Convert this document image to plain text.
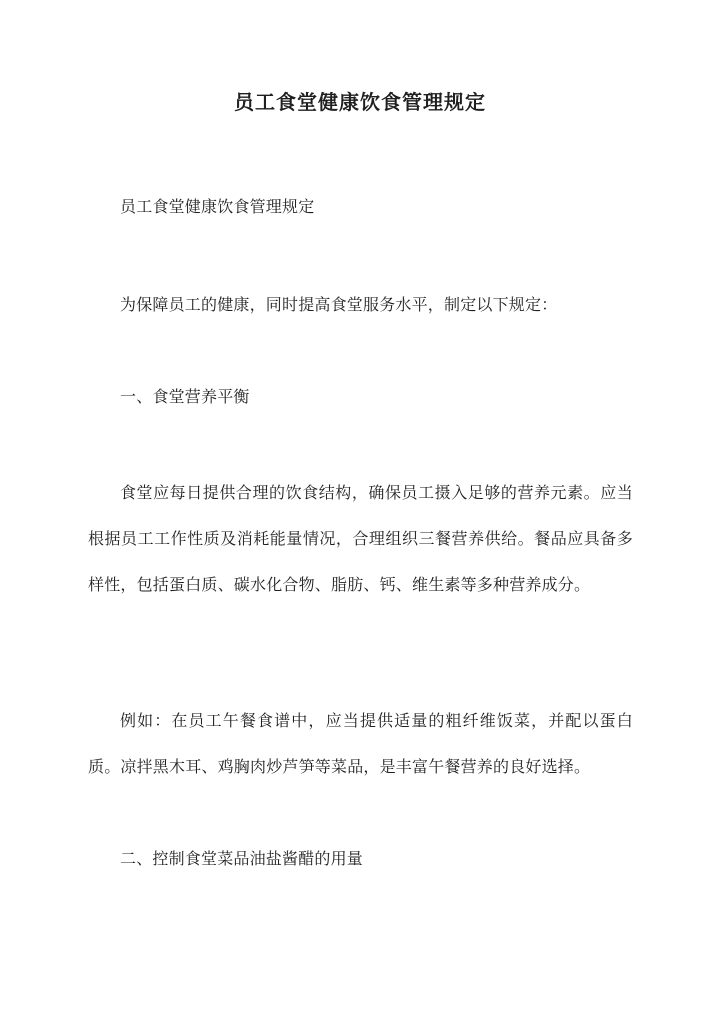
员工食堂健康饮食管理规定

员工食堂健康饮食管理规定

为保障员工的健康，同时提高食堂服务水平，制定以下规定：

一、食堂营养平衡

食堂应每日提供合理的饮食结构，确保员工摄入足够的营养元素。应当根据员工工作性质及消耗能量情况，合理组织三餐营养供给。餐品应具备多样性，包括蛋白质、碳水化合物、脂肪、钙、维生素等多种营养成分。

例如：在员工午餐食谱中，应当提供适量的粗纤维饭菜，并配以蛋白质。凉拌黑木耳、鸡胸肉炒芦笋等菜品，是丰富午餐营养的良好选择。

二、控制食堂菜品油盐酱醋的用量
